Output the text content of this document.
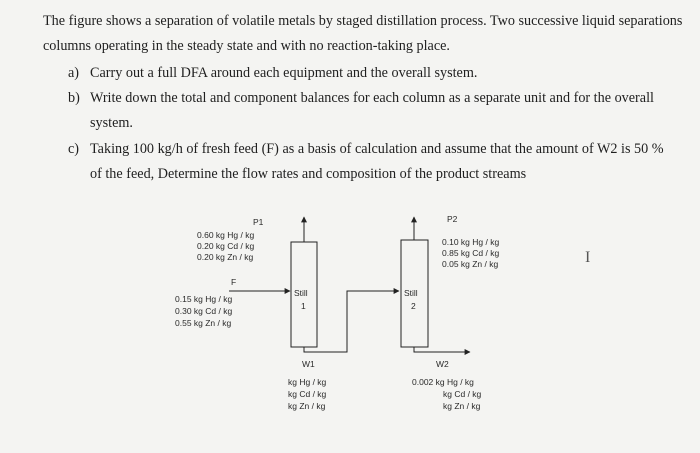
The figure shows a separation of volatile metals by staged distillation process. Two successive liquid separations columns operating in the steady state and with no reaction-taking place.
a) Carry out a full DFA around each equipment and the overall system.
b) Write down the total and component balances for each column as a separate unit and for the overall system.
c) Taking 100 kg/h of fresh feed (F) as a basis of calculation and assume that the amount of W2 is 50 % of the feed, Determine the flow rates and composition of the product streams
Still
1
Still
2
P1
0.60 kg Hg / kg
0.20 kg Cd / kg
0.20 kg Zn / kg
F
0.15 kg Hg / kg
0.30 kg Cd / kg
0.55 kg Zn / kg
P2
0.10 kg Hg / kg
0.85 kg Cd / kg
0.05 kg Zn / kg
W1
kg Hg / kg
kg Cd / kg
kg Zn / kg
W2
0.002 kg Hg / kg
kg Cd / kg
kg Zn / kg
I
